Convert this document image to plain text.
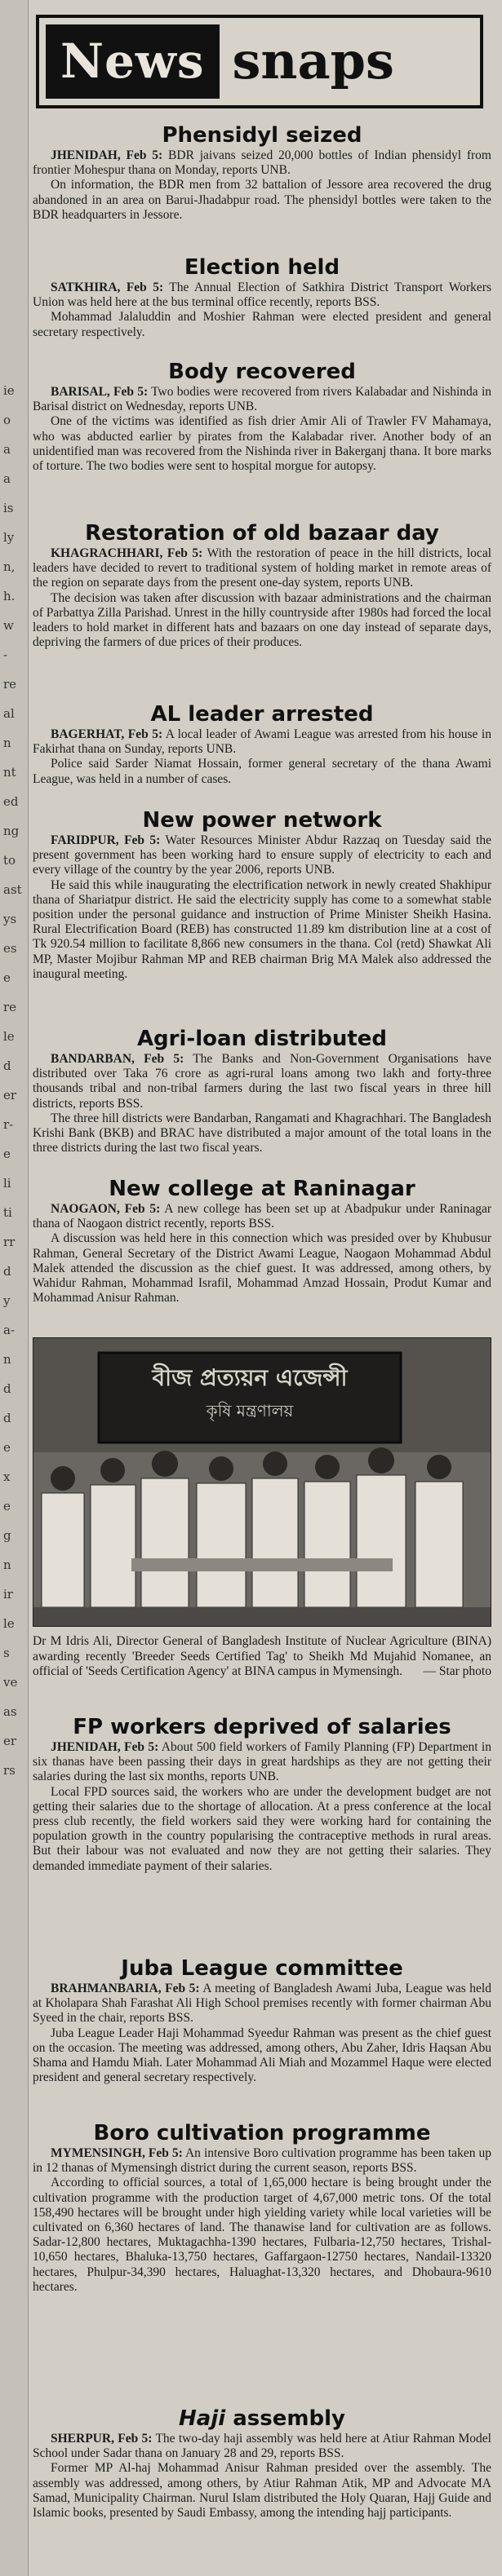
ie
o
a
a
is
ly
n,
h.
w
-
re
al
n
nt
ed
ng
to
ast
ys
es
e
re
le
d
er
r-
e
li
ti
rr
d
y
a-
n
d
d
e
x
e
g
n
ir
le
s
ve
as
er
rs
News snaps
Phensidyl seized

JHENIDAH, Feb 5: BDR jaivans seized 20,000 bottles of Indian phensidyl from frontier Mohespur thana on Monday, reports UNB.

On information, the BDR men from 32 battalion of Jessore area recovered the drug abandoned in an area on Barui-Jhadabpur road. The phensidyl bottles were taken to the BDR headquarters in Jessore.

Election held

SATKHIRA, Feb 5: The Annual Election of Satkhira District Transport Workers Union was held here at the bus terminal office recently, reports BSS.

Mohammad Jalaluddin and Moshier Rahman were elected president and general secretary respectively.

Body recovered

BARISAL, Feb 5: Two bodies were recovered from rivers Kalabadar and Nishinda in Barisal district on Wednesday, reports UNB.

One of the victims was identified as fish drier Amir Ali of Trawler FV Mahamaya, who was abducted earlier by pirates from the Kalabadar river. Another body of an unidentified man was recovered from the Nishinda river in Bakerganj thana. It bore marks of torture. The two bodies were sent to hospital morgue for autopsy.

Restoration of old bazaar day

KHAGRACHHARI, Feb 5: With the restoration of peace in the hill districts, local leaders have decided to revert to traditional system of holding market in remote areas of the region on separate days from the present one-day system, reports UNB.

The decision was taken after discussion with bazaar administrations and the chairman of Parbattya Zilla Parishad. Unrest in the hilly countryside after 1980s had forced the local leaders to hold market in different hats and bazaars on one day instead of separate days, depriving the farmers of due prices of their produces.

AL leader arrested

BAGERHAT, Feb 5: A local leader of Awami League was arrested from his house in Fakirhat thana on Sunday, reports UNB.

Police said Sarder Niamat Hossain, former general secretary of the thana Awami League, was held in a number of cases.

New power network

FARIDPUR, Feb 5: Water Resources Minister Abdur Razzaq on Tuesday said the present government has been working hard to ensure supply of electricity to each and every village of the country by the year 2006, reports UNB.

He said this while inaugurating the electrification network in newly created Shakhipur thana of Shariatpur district. He said the electricity supply has come to a somewhat stable position under the personal guidance and instruction of Prime Minister Sheikh Hasina. Rural Electrification Board (REB) has constructed 11.89 km distribution line at a cost of Tk 920.54 million to facilitate 8,866 new consumers in the thana. Col (retd) Shawkat Ali MP, Master Mojibur Rahman MP and REB chairman Brig MA Malek also addressed the inaugural meeting.

Agri-loan distributed

BANDARBAN, Feb 5: The Banks and Non-Government Organisations have distributed over Taka 76 crore as agri-rural loans among two lakh and forty-three thousands tribal and non-tribal farmers during the last two fiscal years in three hill districts, reports BSS.

The three hill districts were Bandarban, Rangamati and Khagrachhari. The Bangladesh Krishi Bank (BKB) and BRAC have distributed a major amount of the total loans in the three districts during the last two fiscal years.

New college at Raninagar

NAOGAON, Feb 5: A new college has been set up at Abadpukur under Raninagar thana of Naogaon district recently, reports BSS.

A discussion was held here in this connection which was presided over by Khubusur Rahman, General Secretary of the District Awami League, Naogaon Mohammad Abdul Malek attended the discussion as the chief guest. It was addressed, among others, by Wahidur Rahman, Mohammad Israfil, Mohammad Amzad Hossain, Produt Kumar and Mohammad Anisur Rahman.

বীজ প্রত্যয়ন এজেন্সী
কৃষি মন্ত্রণালয়
Dr M Idris Ali, Director General of Bangladesh Institute of Nuclear Agriculture (BINA) awarding recently 'Breeder Seeds Certified Tag' to Sheikh Md Mujahid Nomanee, an official of 'Seeds Certification Agency' at BINA campus in Mymensingh. — Star photo
FP workers deprived of salaries

JHENIDAH, Feb 5: About 500 field workers of Family Planning (FP) Department in six thanas have been passing their days in great hardships as they are not getting their salaries during the last six months, reports UNB.

Local FPD sources said, the workers who are under the development budget are not getting their salaries due to the shortage of allocation. At a press conference at the local press club recently, the field workers said they were working hard for containing the population growth in the country popularising the contraceptive methods in rural areas. But their labour was not evaluated and now they are not getting their salaries. They demanded immediate payment of their salaries.

Juba League committee

BRAHMANBARIA, Feb 5: A meeting of Bangladesh Awami Juba, League was held at Kholapara Shah Farashat Ali High School premises recently with former chairman Abu Syeed in the chair, reports BSS.

Juba League Leader Haji Mohammad Syeedur Rahman was present as the chief guest on the occasion. The meeting was addressed, among others, Abu Zaher, Idris Haqsan Abu Shama and Hamdu Miah. Later Mohammad Ali Miah and Mozammel Haque were elected president and general secretary respectively.

Boro cultivation programme

MYMENSINGH, Feb 5: An intensive Boro cultivation programme has been taken up in 12 thanas of Mymensingh district during the current season, reports BSS.

According to official sources, a total of 1,65,000 hectare is being brought under the cultivation programme with the production target of 4,67,000 metric tons. Of the total 158,490 hectares will be brought under high yielding variety while local varieties will be cultivated on 6,360 hectares of land. The thanawise land for cultivation are as follows. Sadar-12,800 hectares, Muktagachha-1390 hectares, Fulbaria-12,750 hectares, Trishal-10,650 hectares, Bhaluka-13,750 hectares, Gaffargaon-12750 hectares, Nandail-13320 hectares, Phulpur-34,390 hectares, Haluaghat-13,320 hectares, and Dhobaura-9610 hectares.

Haji assembly

SHERPUR, Feb 5: The two-day haji assembly was held here at Atiur Rahman Model School under Sadar thana on January 28 and 29, reports BSS.

Former MP Al-haj Mohammad Anisur Rahman presided over the assembly. The assembly was addressed, among others, by Atiur Rahman Atik, MP and Advocate MA Samad, Municipality Chairman. Nurul Islam distributed the Holy Quaran, Hajj Guide and Islamic books, presented by Saudi Embassy, among the intending hajj participants.
